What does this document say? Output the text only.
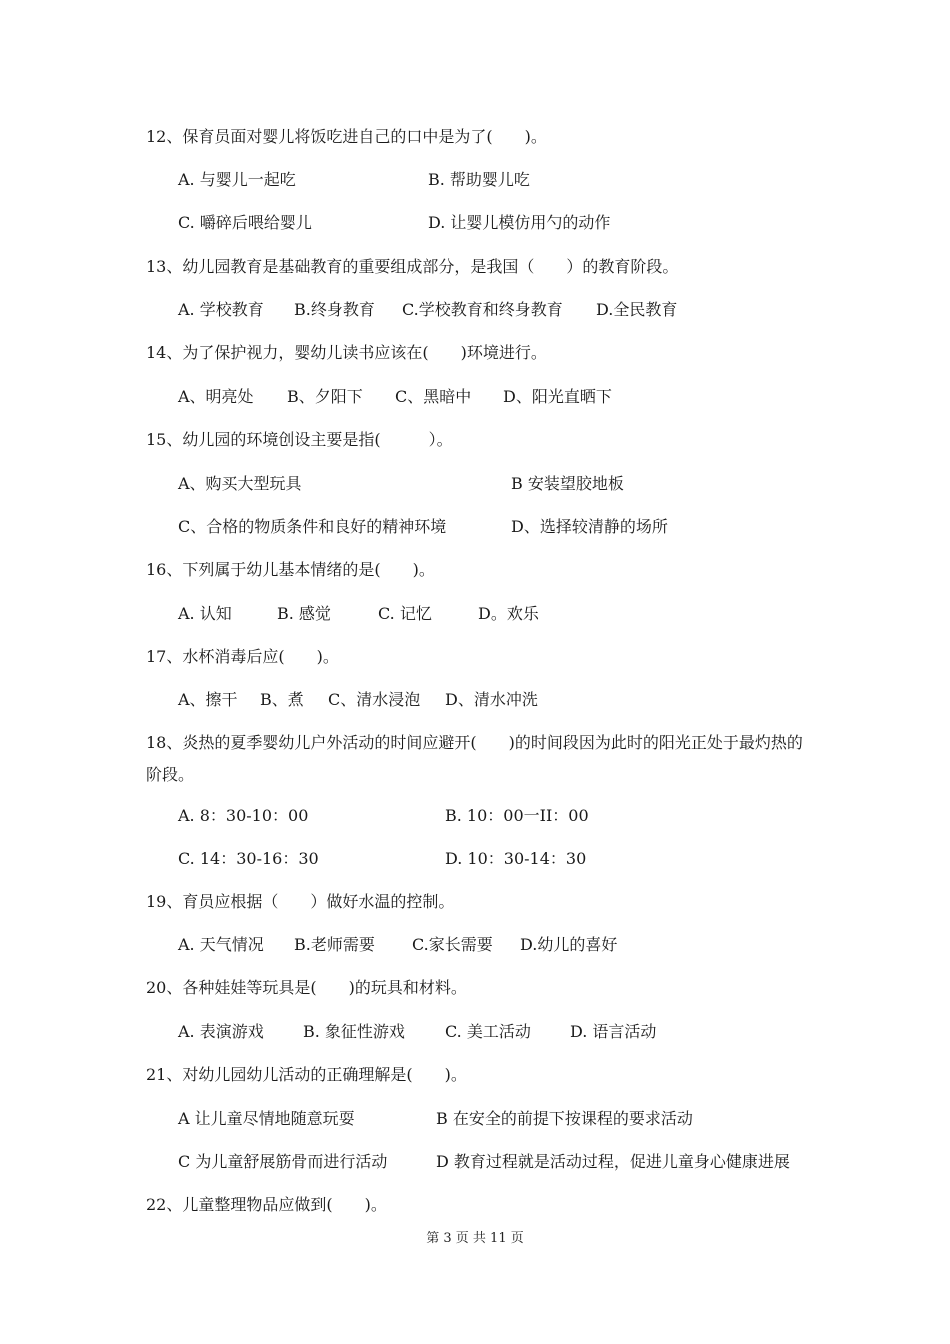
12、保育员面对婴儿将饭吃进自己的口中是为了(　　)。
A. 与婴儿一起吃	B. 帮助婴儿吃
C. 嚼碎后喂给婴儿	D. 让婴儿模仿用勺的动作
13、幼儿园教育是基础教育的重要组成部分，是我国（　　）的教育阶段。
A. 学校教育 B.终身教育 C.学校教育和终身教育 D.全民教育
14、为了保护视力，婴幼儿读书应该在(　　)环境进行。
A、明亮处 B、夕阳下 C、黑暗中 D、阳光直晒下
15、幼儿园的环境创设主要是指(　　　）。
A、购买大型玩具	B 安装望胶地板
C、合格的物质条件和良好的精神环境	D、选择较清静的场所
16、下列属于幼儿基本情绪的是(　　)。
A. 认知	B. 感觉	C. 记忆	D。欢乐
17、水杯消毒后应(　　)。
A、擦干 B、煮 C、清水浸泡 D、清水冲洗
18、炎热的夏季婴幼儿户外活动的时间应避开(　　)的时间段因为此时的阳光正处于最灼热的阶段。
A. 8：30-10：00	B. 10：00一II：00
C. 14：30-16：30	D. 10：30-14：30
19、育员应根据（　　）做好水温的控制。
A. 天气情况 B.老师需要 C.家长需要 D.幼儿的喜好
20、各种娃娃等玩具是(　　)的玩具和材料。
A. 表演游戏 B. 象征性游戏	C. 美工活动 D. 语言活动
21、对幼儿园幼儿活动的正确理解是(　　)。
A 让儿童尽情地随意玩耍	B 在安全的前提下按课程的要求活动
C 为儿童舒展筋骨而进行活动	D 教育过程就是活动过程，促进儿童身心健康进展
22、儿童整理物品应做到(　　)。
第 3 页 共 11 页
